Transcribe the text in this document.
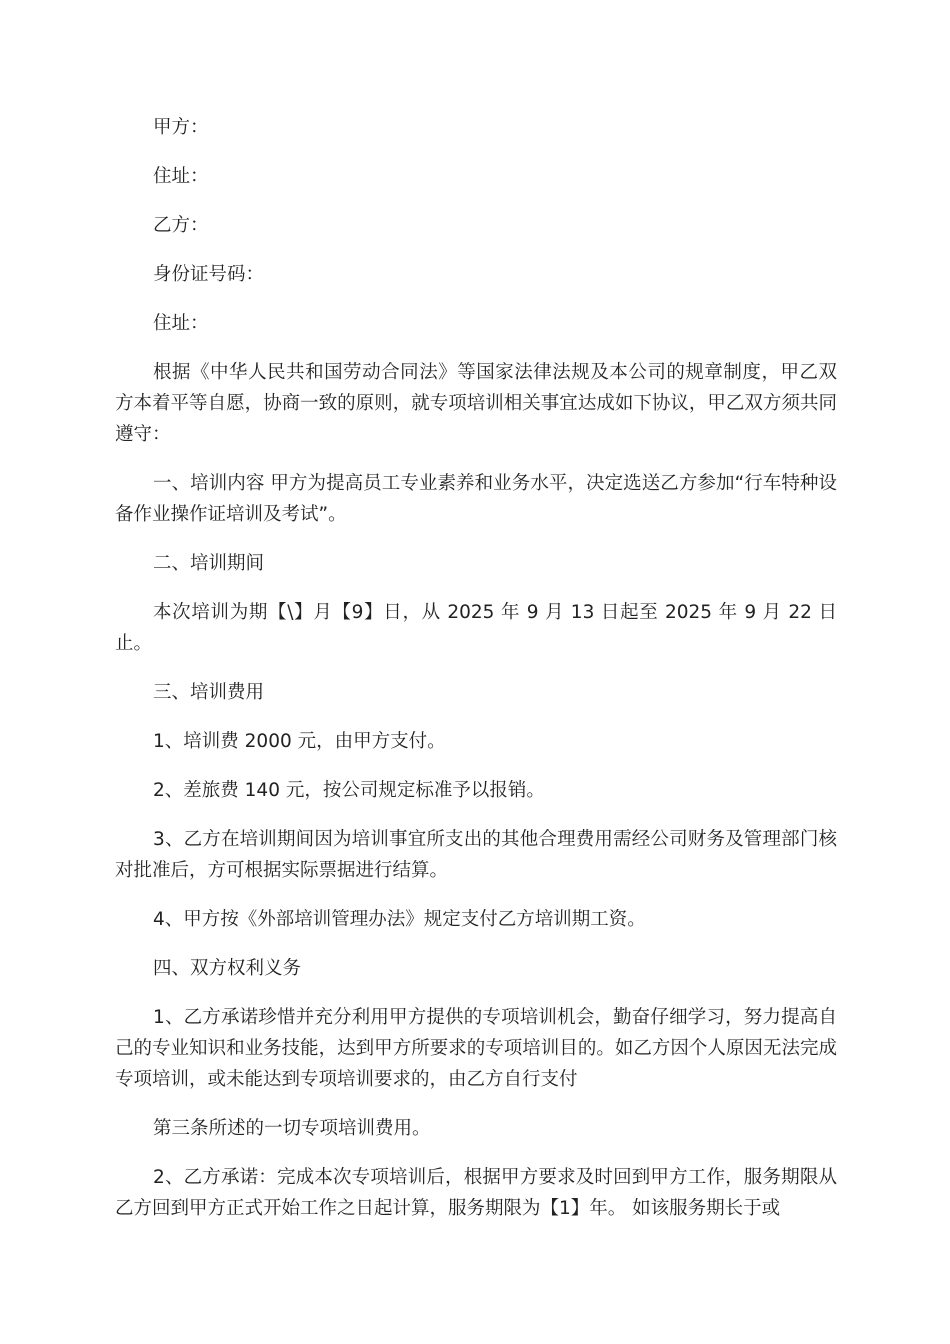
甲方：

住址：

乙方：

身份证号码：

住址：

根据《中华人民共和国劳动合同法》等国家法律法规及本公司的规章制度，甲乙双方本着平等自愿，协商一致的原则，就专项培训相关事宜达成如下协议，甲乙双方须共同遵守：

一、培训内容 甲方为提高员工专业素养和业务水平，决定选送乙方参加“行车特种设备作业操作证培训及考试”。

二、培训期间

本次培训为期【\】月【9】日，从 2025 年 9 月 13 日起至 2025 年 9 月 22 日止。

三、培训费用

1、培训费 2000 元，由甲方支付。

2、差旅费 140 元，按公司规定标准予以报销。

3、乙方在培训期间因为培训事宜所支出的其他合理费用需经公司财务及管理部门核对批准后，方可根据实际票据进行结算。

4、甲方按《外部培训管理办法》规定支付乙方培训期工资。

四、双方权利义务

1、乙方承诺珍惜并充分利用甲方提供的专项培训机会，勤奋仔细学习，努力提高自己的专业知识和业务技能，达到甲方所要求的专项培训目的。如乙方因个人原因无法完成专项培训，或未能达到专项培训要求的，由乙方自行支付

第三条所述的一切专项培训费用。

2、乙方承诺：完成本次专项培训后，根据甲方要求及时回到甲方工作，服务期限从乙方回到甲方正式开始工作之日起计算，服务期限为【1】年。 如该服务期长于或
